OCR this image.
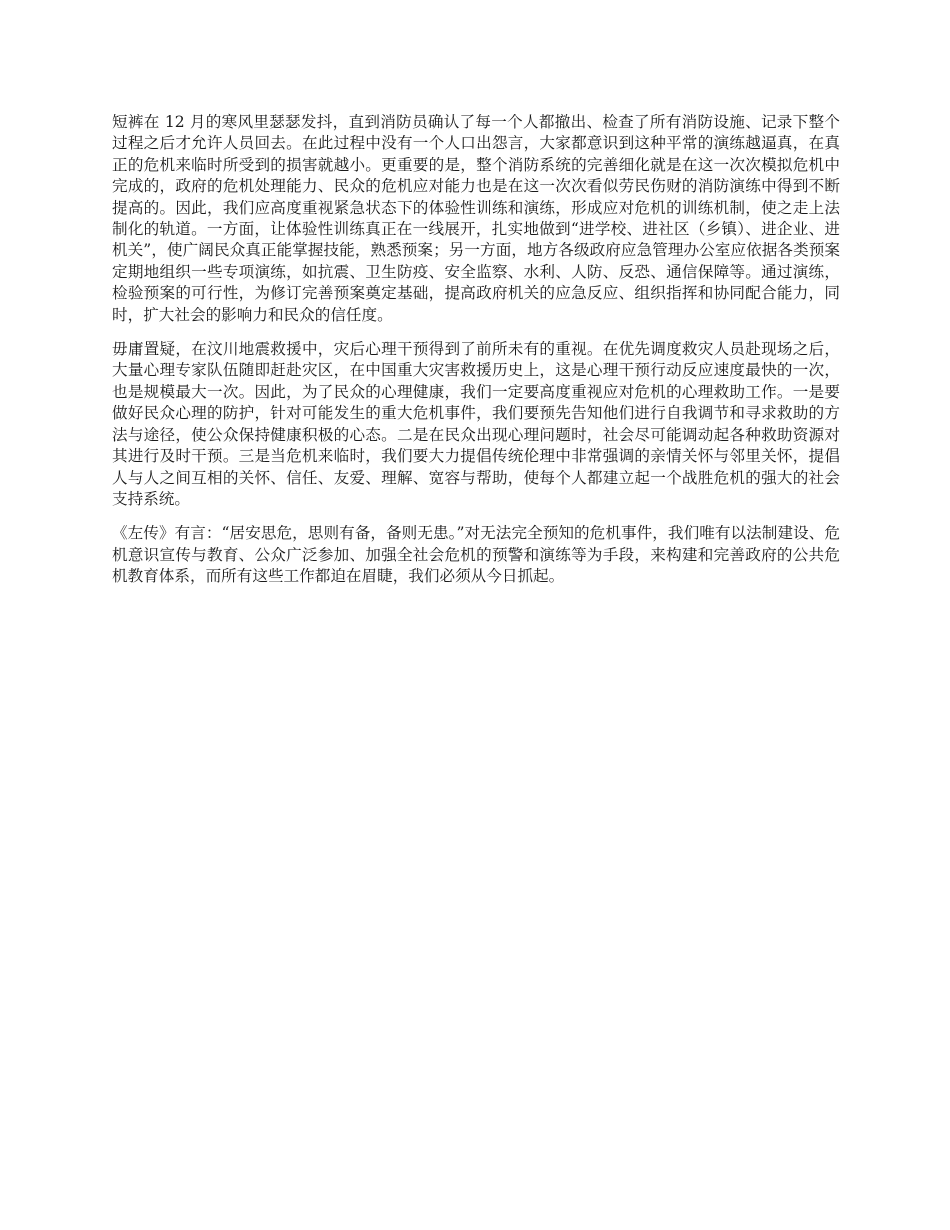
短裤在 12 月的寒风里瑟瑟发抖，直到消防员确认了每一个人都撤出、检查了所有消防设施、记录下整个过程之后才允许人员回去。在此过程中没有一个人口出怨言，大家都意识到这种平常的演练越逼真，在真正的危机来临时所受到的损害就越小。更重要的是，整个消防系统的完善细化就是在这一次次模拟危机中完成的，政府的危机处理能力、民众的危机应对能力也是在这一次次看似劳民伤财的消防演练中得到不断提高的。因此，我们应高度重视紧急状态下的体验性训练和演练，形成应对危机的训练机制，使之走上法制化的轨道。一方面，让体验性训练真正在一线展开，扎实地做到“进学校、进社区（乡镇）、进企业、进机关”，使广阔民众真正能掌握技能，熟悉预案；另一方面，地方各级政府应急管理办公室应依据各类预案定期地组织一些专项演练，如抗震、卫生防疫、安全监察、水利、人防、反恐、通信保障等。通过演练，检验预案的可行性，为修订完善预案奠定基础，提高政府机关的应急反应、组织指挥和协同配合能力，同时，扩大社会的影响力和民众的信任度。

毋庸置疑，在汶川地震救援中，灾后心理干预得到了前所未有的重视。在优先调度救灾人员赴现场之后，大量心理专家队伍随即赶赴灾区，在中国重大灾害救援历史上，这是心理干预行动反应速度最快的一次，也是规模最大一次。因此，为了民众的心理健康，我们一定要高度重视应对危机的心理救助工作。一是要做好民众心理的防护，针对可能发生的重大危机事件，我们要预先告知他们进行自我调节和寻求救助的方法与途径，使公众保持健康积极的心态。二是在民众出现心理问题时，社会尽可能调动起各种救助资源对其进行及时干预。三是当危机来临时，我们要大力提倡传统伦理中非常强调的亲情关怀与邻里关怀，提倡人与人之间互相的关怀、信任、友爱、理解、宽容与帮助，使每个人都建立起一个战胜危机的强大的社会支持系统。

《左传》有言：“居安思危，思则有备，备则无患。”对无法完全预知的危机事件，我们唯有以法制建设、危机意识宣传与教育、公众广泛参加、加强全社会危机的预警和演练等为手段，来构建和完善政府的公共危机教育体系，而所有这些工作都迫在眉睫，我们必须从今日抓起。
